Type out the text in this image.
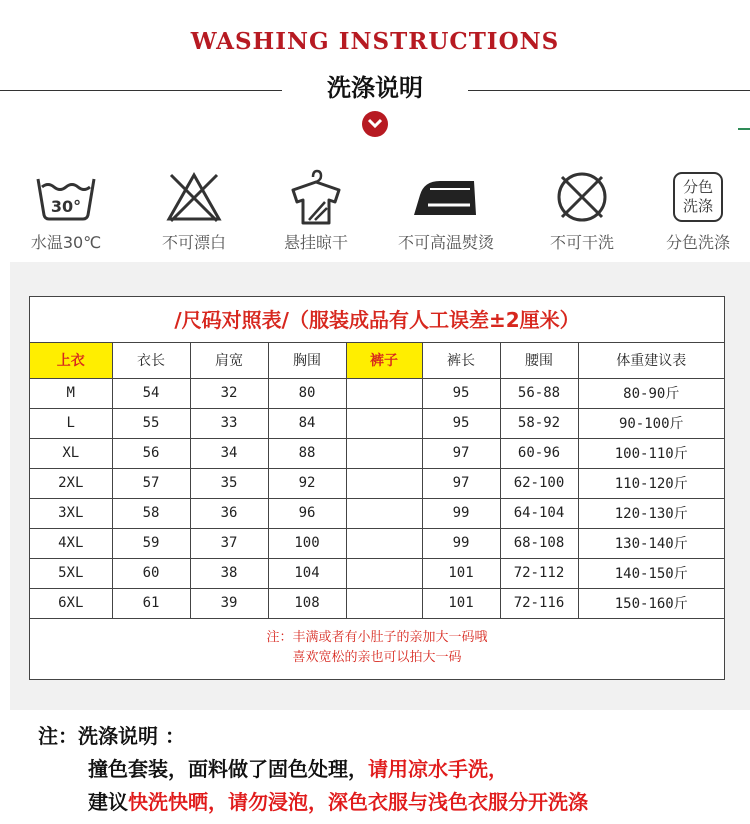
WASHING INSTRUCTIONS
洗涤说明
30°
水温30℃	不可漂白	悬挂晾干	不可高温熨烫	不可干洗
分色
洗涤
分色洗涤
/尺码对照表/（服装成品有人工误差±2厘米）
上衣	衣长	肩宽	胸围	裤子	裤长	腰围	体重建议表
M	54	32	80		95	56-88	80-90斤
L	55	33	84		95	58-92	90-100斤
XL	56	34	88		97	60-96	100-110斤
2XL	57	35	92		97	62-100	110-120斤
3XL	58	36	96		99	64-104	120-130斤
4XL	59	37	100		99	68-108	130-140斤
5XL	60	38	104		101	72-112	140-150斤
6XL	61	39	108		101	72-116	150-160斤
注：丰满或者有小肚子的亲加大一码哦
喜欢宽松的亲也可以拍大一码
注：洗涤说明 ：
撞色套装，面料做了固色处理，请用凉水手洗，
建议快洗快晒，请勿浸泡，深色衣服与浅色衣服分开洗涤
